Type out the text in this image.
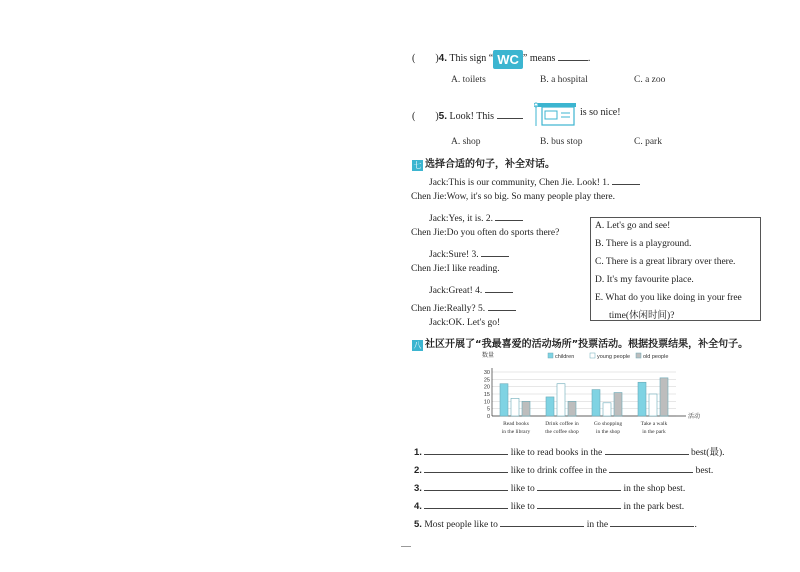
(　　)4. This sign “ WC ” means	.
A. toilets	B. a hospital	C. a zoo
(　　)5. Look! This	is so nice!
A. shop	B. bus stop	C. park
七 选择合适的句子，补全对话。
Jack:This is our community, Chen Jie. Look! 1.
Chen Jie:Wow, it's so big. So many people play there.
Jack:Yes, it is. 2.
Chen Jie:Do you often do sports there?
Jack:Sure! 3.
Chen Jie:I like reading.
Jack:Great! 4.
Chen Jie:Really? 5.
Jack:OK. Let's go!
A. Let's go and see!
B. There is a playground.
C. There is a great library over there.
D. It's my favourite place.
E. What do you like doing in your free
time(休闲时间)?
八 社区开展了“我最喜爱的活动场所”投票活动。根据投票结果，补全句子。
数量	children	young people old people
0
5
10
15
20
25
30
活动
Read books
in the library
Drink coffee in
the coffee shop
Go shopping
in the shop
Take a walk
in the park
1.	like to read books in the	best(最).
2.	like to drink coffee in the	best.
3.	like to	in the shop best.
4.	like to	in the park best.
5. Most people like to	in the	.
